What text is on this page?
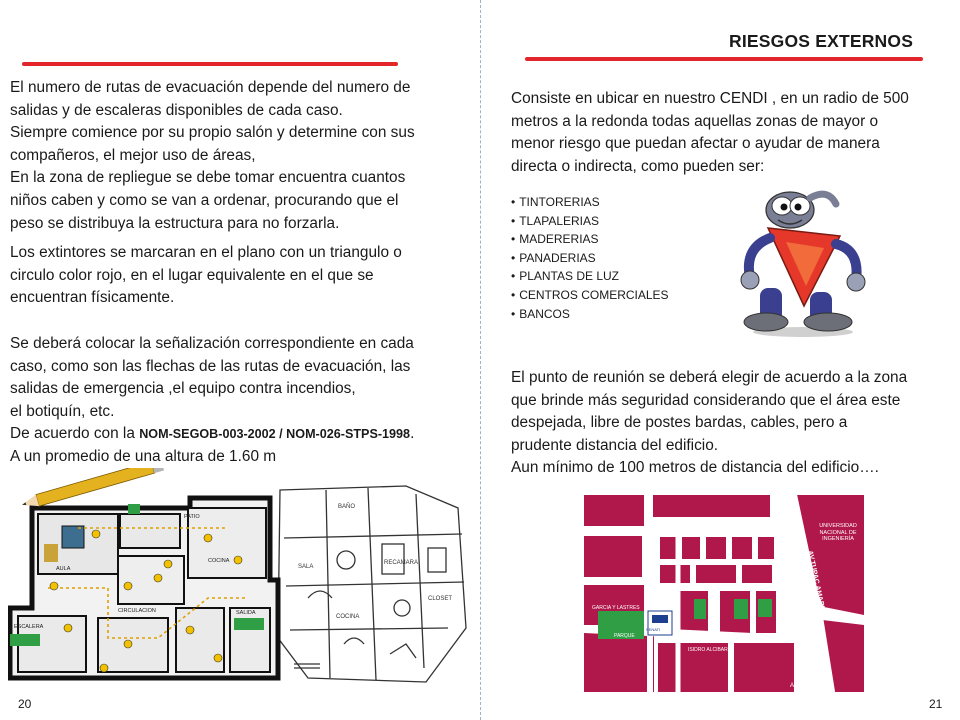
El numero de rutas de evacuación depende del numero de
salidas y de escaleras disponibles de cada caso.
Siempre comience por su propio salón y determine con sus
compañeros, el mejor uso de áreas,
En la zona de repliegue se debe tomar encuentra cuantos
niños caben y como se van a ordenar, procurando que el
peso se distribuya la estructura para no forzarla.
Los extintores se marcaran en el plano con un triangulo o
circulo color rojo, en el lugar equivalente en el que se
encuentran físicamente.
Se deberá colocar la señalización correspondiente en cada
caso, como son las flechas de las rutas de evacuación, las
salidas de emergencia ,el equipo contra incendios,
el botiquín, etc.
De acuerdo con la NOM-SEGOB-003-2002 / NOM-026-STPS-1998.
A un promedio de una altura de 1.60 m
BAÑO
SALA
RECAMARA
COCINA
CLOSET
ESCALERA
SALIDA
AULA
COCINA
CIRCULACION
PATIO
20
RIESGOS EXTERNOS
Consiste en ubicar en nuestro CENDI , en un radio de 500
metros a la redonda todas aquellas zonas de mayor o
menor riesgo que puedan afectar o ayudar de manera
directa o indirecta, como pueden ser:
• TINTORERIAS
• TLAPALERIAS
• MADERERIAS
• PANADERIAS
• PLANTAS DE LUZ
• CENTROS COMERCIALES
• BANCOS
El punto de reunión se deberá elegir de acuerdo a la zona
que brinde más seguridad considerando que el área este
despejada, libre de postes bardas, cables, pero a
prudente distancia del edificio.
Aun mínimo de 100 metros de distancia del edificio….
AV. E. DE HABICH
SEGUNDO CARRIÓN
GARCIA Y LASTRES
PARQUE
ISIDRO ALCIBAR
A LIMA
SENATI
AV.TUPAC AMARU
UNIVERSIDAD NACIONAL DE INGENIERÍA
21
